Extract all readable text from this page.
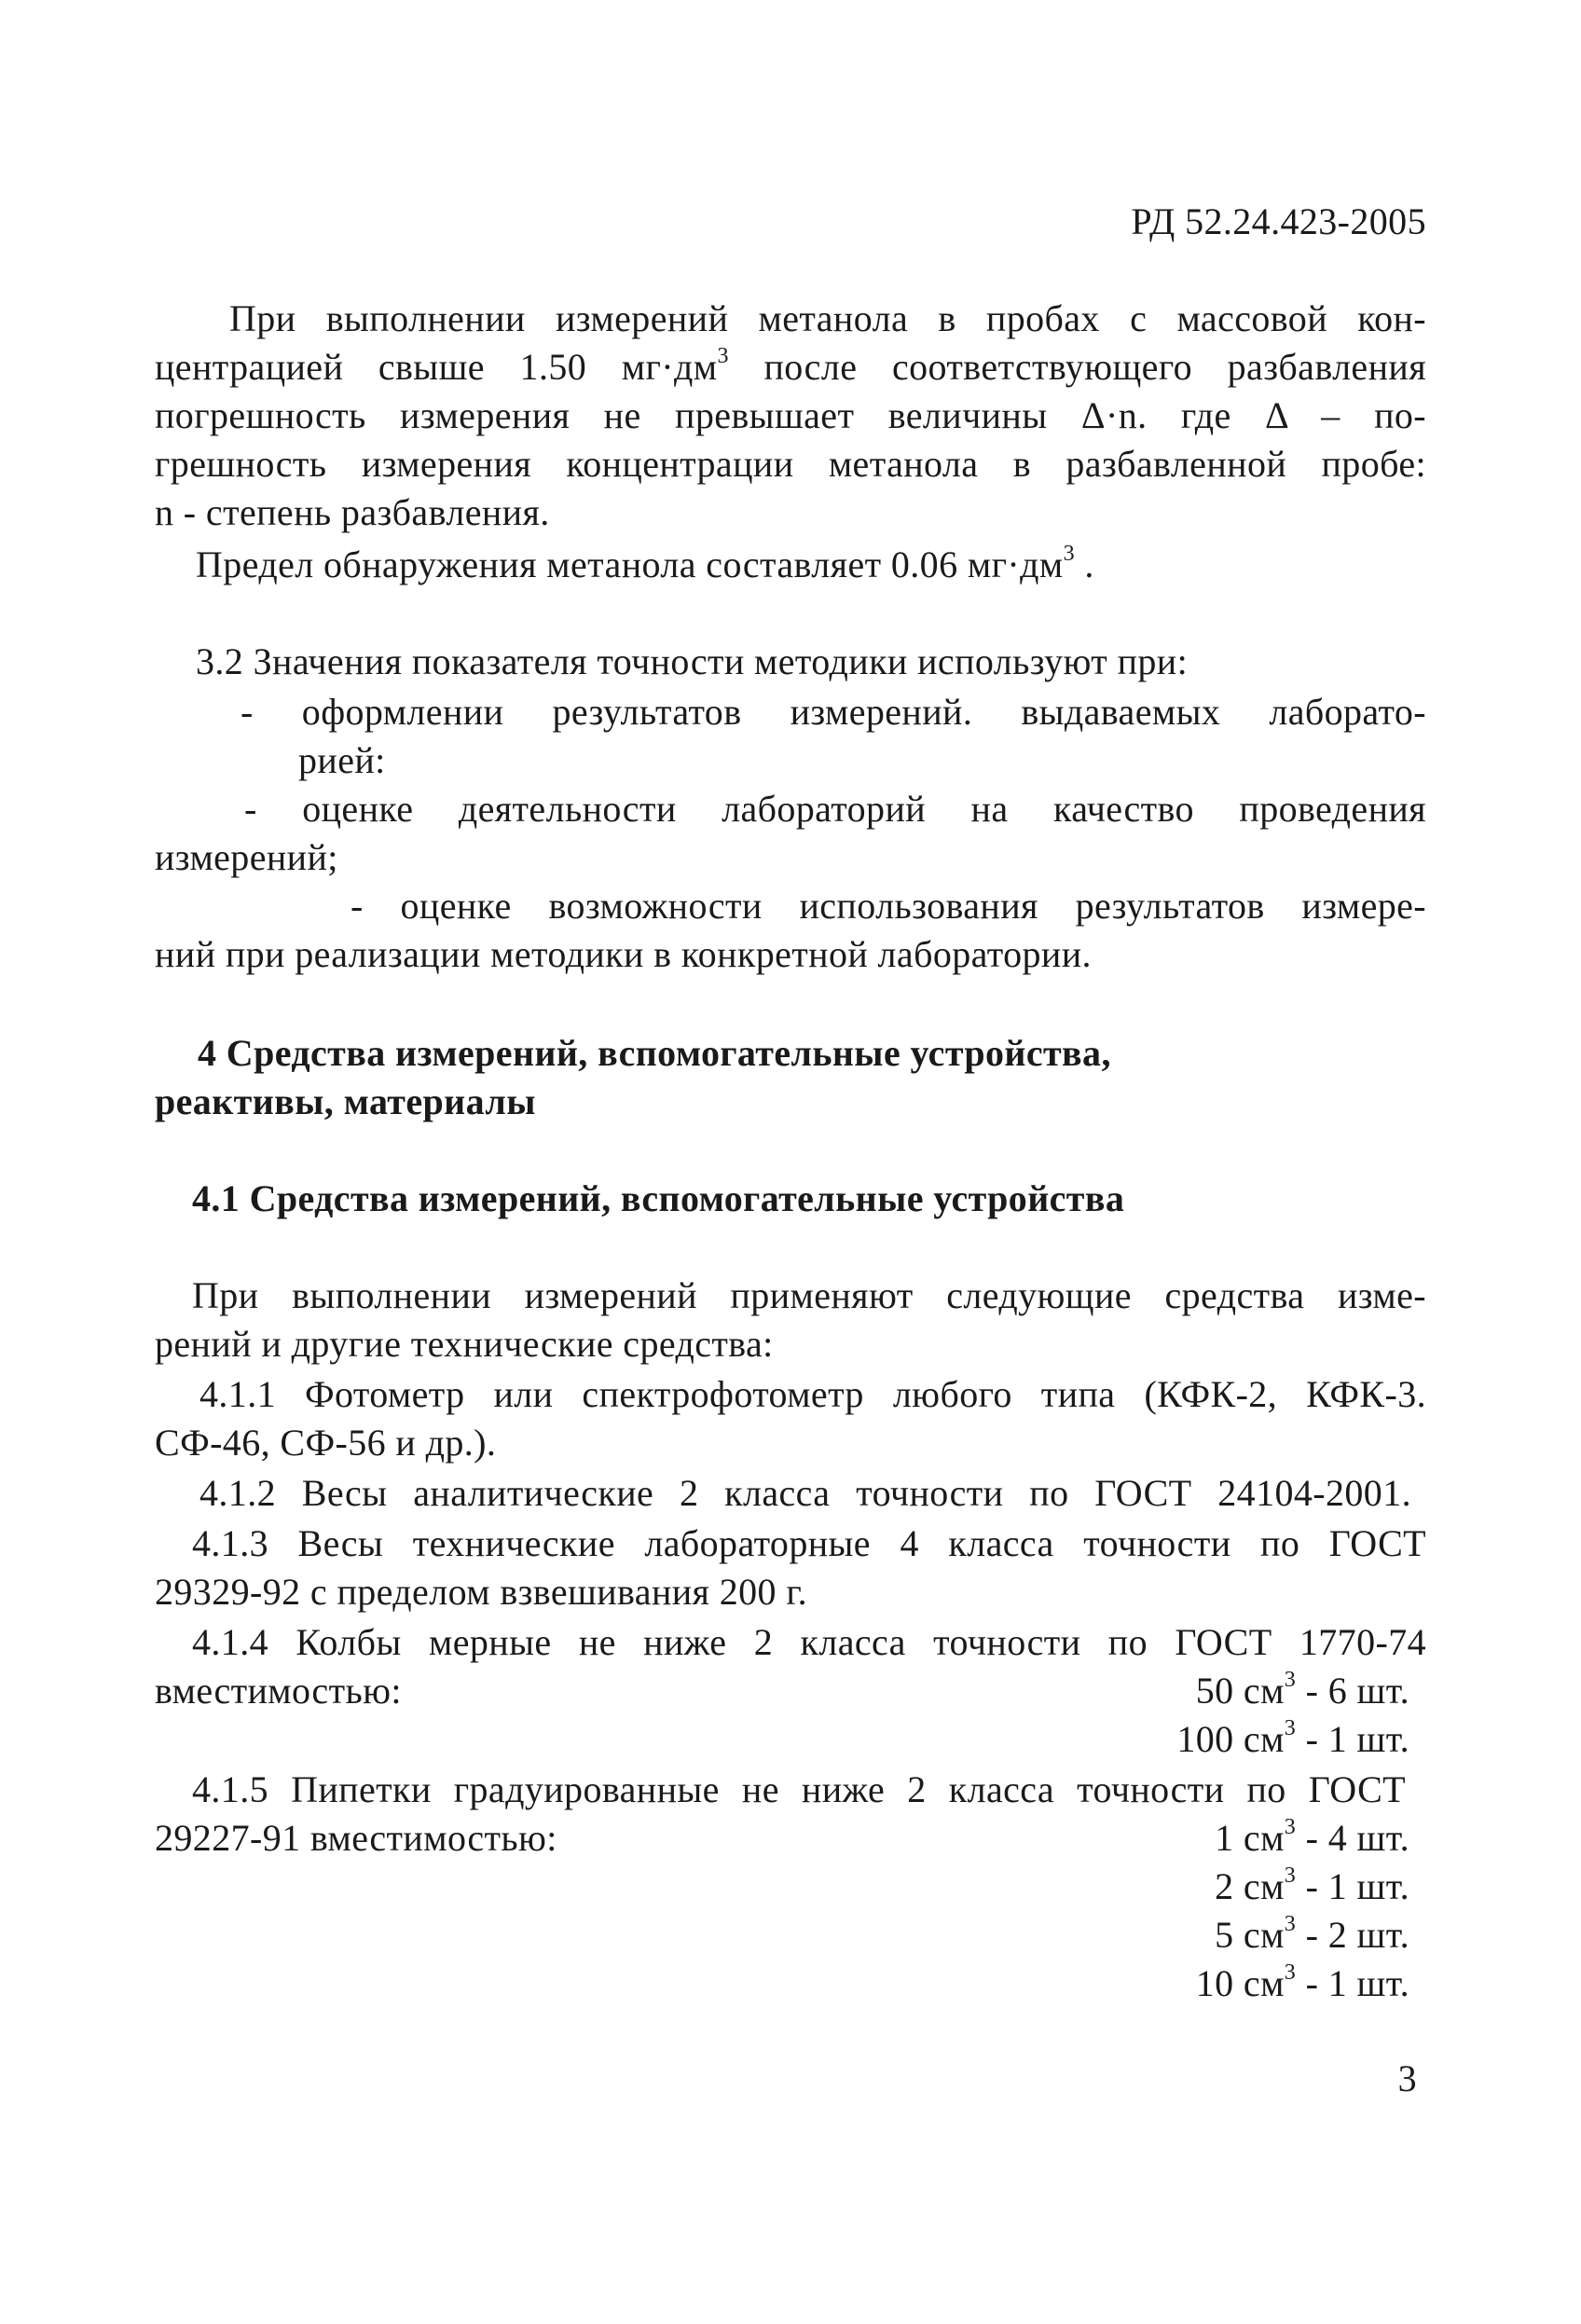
РД 52.24.423-2005
При выполнении измерений метанола в пробах с массовой кон-
центрацией свыше 1.50 $мг\cdot дм^3$ после соответствующего разбавления
погрешность измерения не превышает величины Δ·n. где Δ – по-
грешность измерения концентрации метанола в разбавленной пробе:
n - степень разбавления.
Предел обнаружения метанола составляет 0.06 $мг\cdot дм^3$ .
3.2 Значения показателя точности методики используют при:
- оформлении результатов измерений. выдаваемых лаборато-
рией:
- оценке деятельности лабораторий на качество проведения
измерений;
- оценке возможности использования результатов измере-
ний при реализации методики в конкретной лаборатории.
4 Средства измерений, вспомогательные устройства,
реактивы, материалы
4.1 Средства измерений, вспомогательные устройства
При выполнении измерений применяют следующие средства изме-
рений и другие технические средства:
4.1.1 Фотометр или спектрофотометр любого типа (КФК-2, КФК-3.
СФ-46, СФ-56 и др.).
4.1.2 Весы аналитические 2 класса точности по ГОСТ 24104-2001.
4.1.3 Весы технические лабораторные 4 класса точности по ГОСТ
29329-92 с пределом взвешивания 200 г.
4.1.4 Колбы мерные не ниже 2 класса точности по ГОСТ 1770-74
вместимостью:	50 $см^3 - 6$ шт.
100 $см^3 - 1$ шт.
4.1.5 Пипетки градуированные не ниже 2 класса точности по ГОСТ
29227-91 вместимостью:	1 $см^3 - 4$ шт.
2 $см^3 - 1$ шт.
5 $см^3 - 2$ шт.
10 $см^3 - 1$ шт.
3
